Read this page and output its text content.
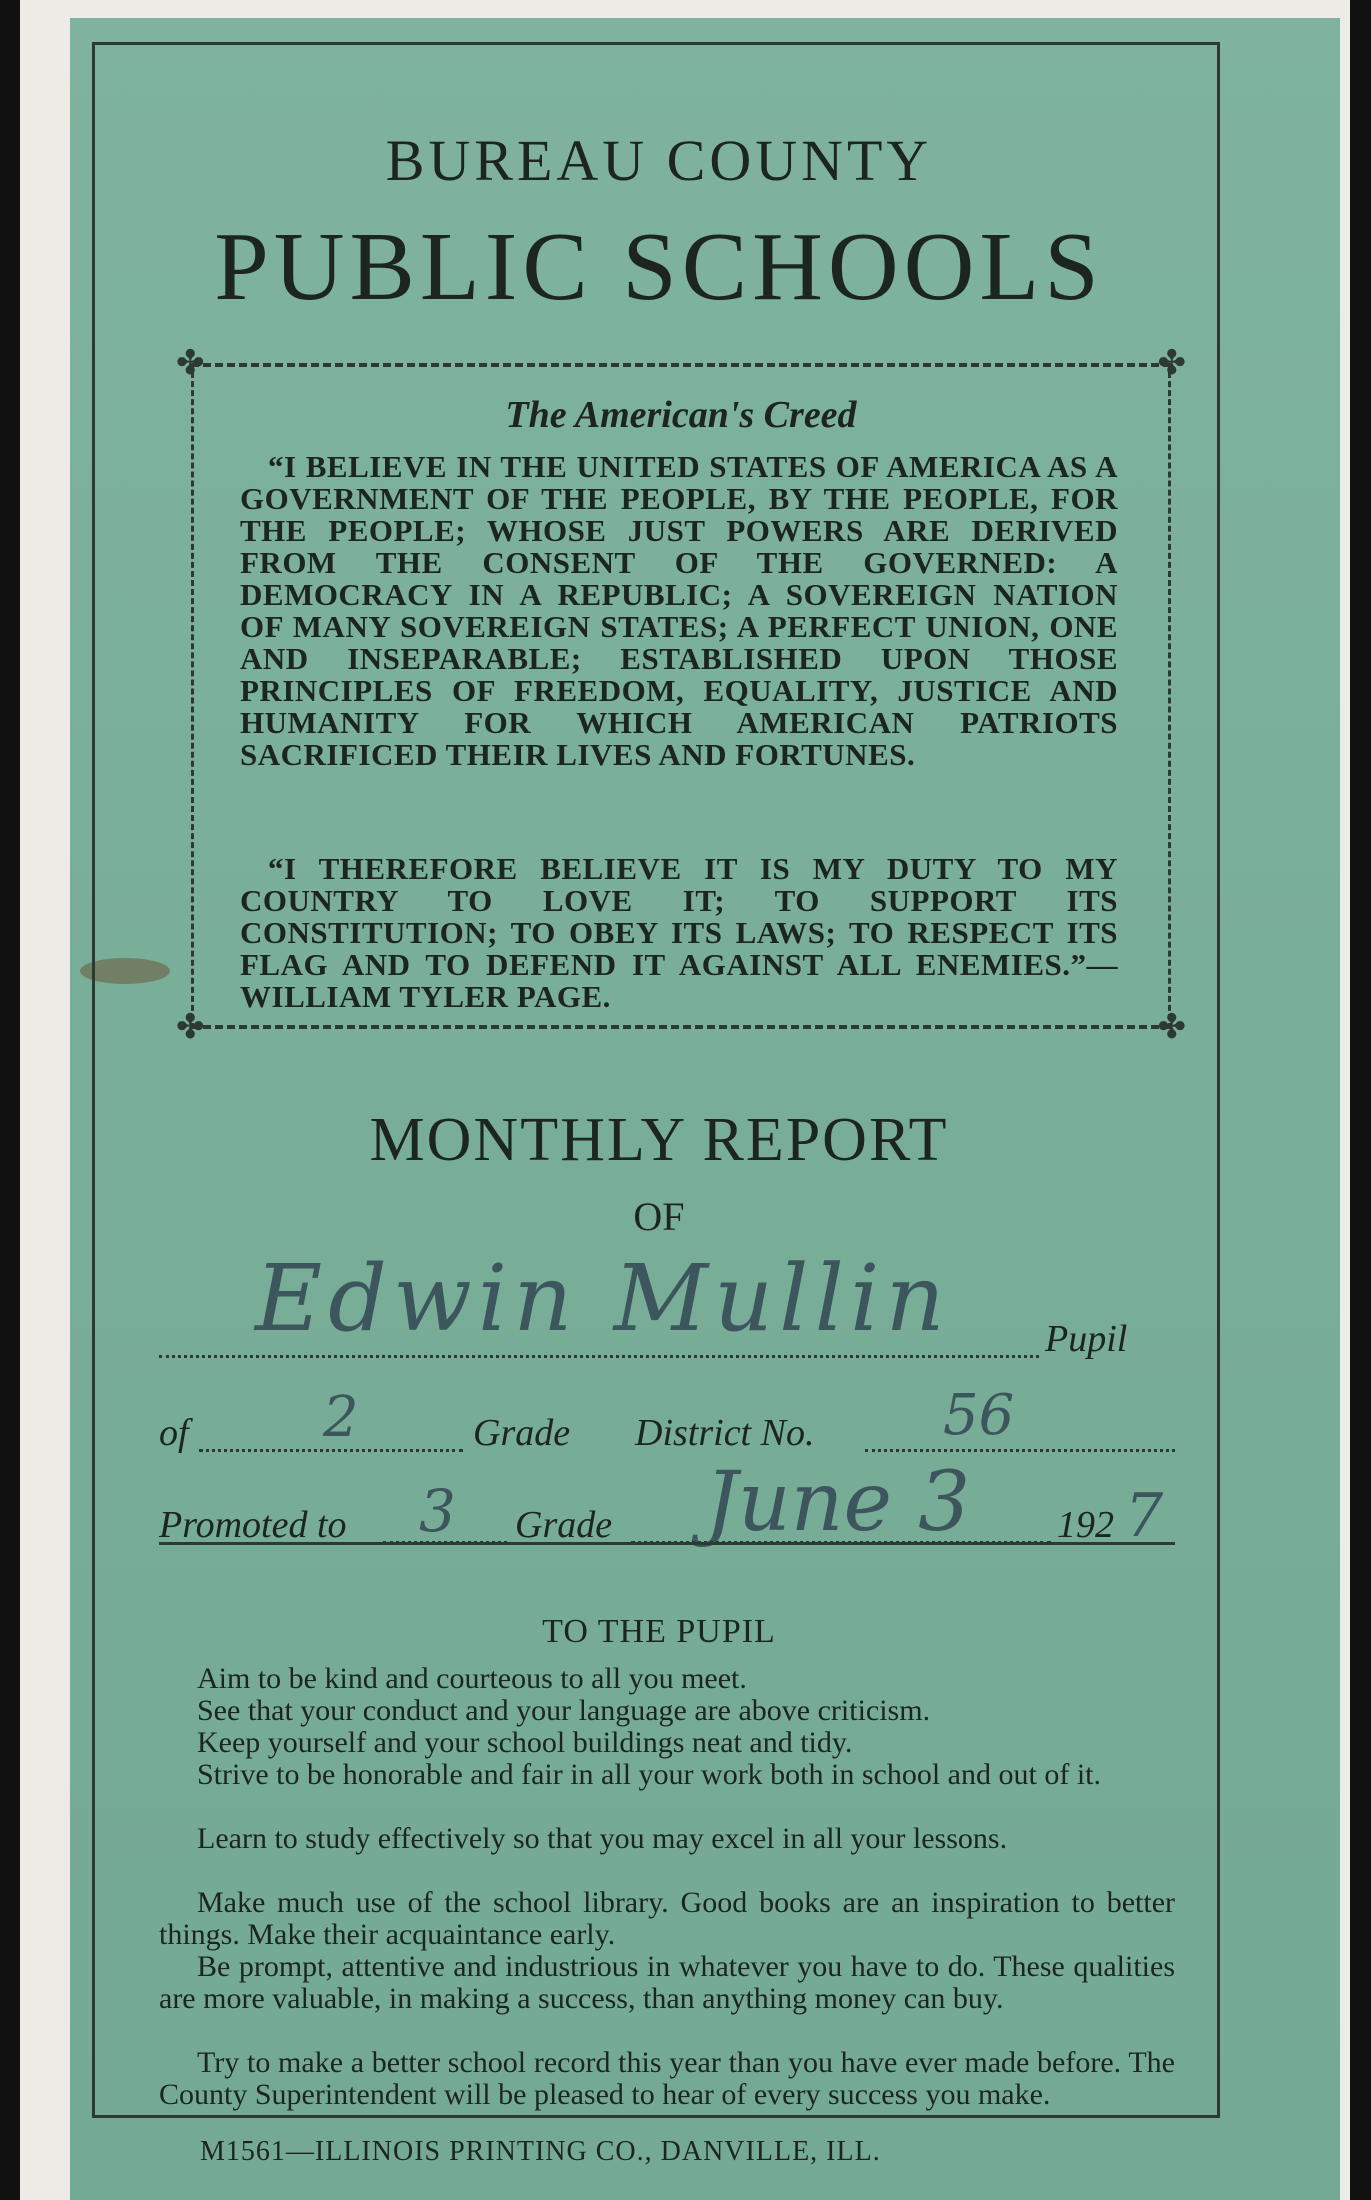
BUREAU COUNTY
PUBLIC SCHOOLS
✤	✤
✤	✤
The American's Creed
“I BELIEVE IN THE UNITED STATES OF AMERICA AS A GOVERNMENT OF THE PEOPLE, BY THE PEOPLE, FOR THE PEOPLE; WHOSE JUST POWERS ARE DERIVED FROM THE CONSENT OF THE GOVERNED: A DEMOCRACY IN A REPUBLIC; A SOVEREIGN NATION OF MANY SOVEREIGN STATES; A PERFECT UNION, ONE AND INSEPARABLE; ESTABLISHED UPON THOSE PRINCIPLES OF FREEDOM, EQUALITY, JUSTICE AND HUMANITY FOR WHICH AMERICAN PATRIOTS SACRIFICED THEIR LIVES AND FORTUNES.
“I THEREFORE BELIEVE IT IS MY DUTY TO MY COUNTRY TO LOVE IT; TO SUPPORT ITS CONSTITUTION; TO OBEY ITS LAWS; TO RESPECT ITS FLAG AND TO DEFEND IT AGAINST ALL ENEMIES.”—WILLIAM TYLER PAGE.
MONTHLY REPORT
OF
Edwin Mullin Pupil
of 2	Grade District No. 56
Promoted to 3 Grade June 3 192 7
TO THE PUPIL
Aim to be kind and courteous to all you meet.
See that your conduct and your language are above criticism.
Keep yourself and your school buildings neat and tidy.
Strive to be honorable and fair in all your work both in school and out of it.
Learn to study effectively so that you may excel in all your lessons.
Make much use of the school library. Good books are an inspiration to better things. Make their acquaintance early.
Be prompt, attentive and industrious in whatever you have to do. These qualities are more valuable, in making a success, than anything money can buy.
Try to make a better school record this year than you have ever made before. The County Superintendent will be pleased to hear of every success you make.
M1561—ILLINOIS PRINTING CO., DANVILLE, ILL.
